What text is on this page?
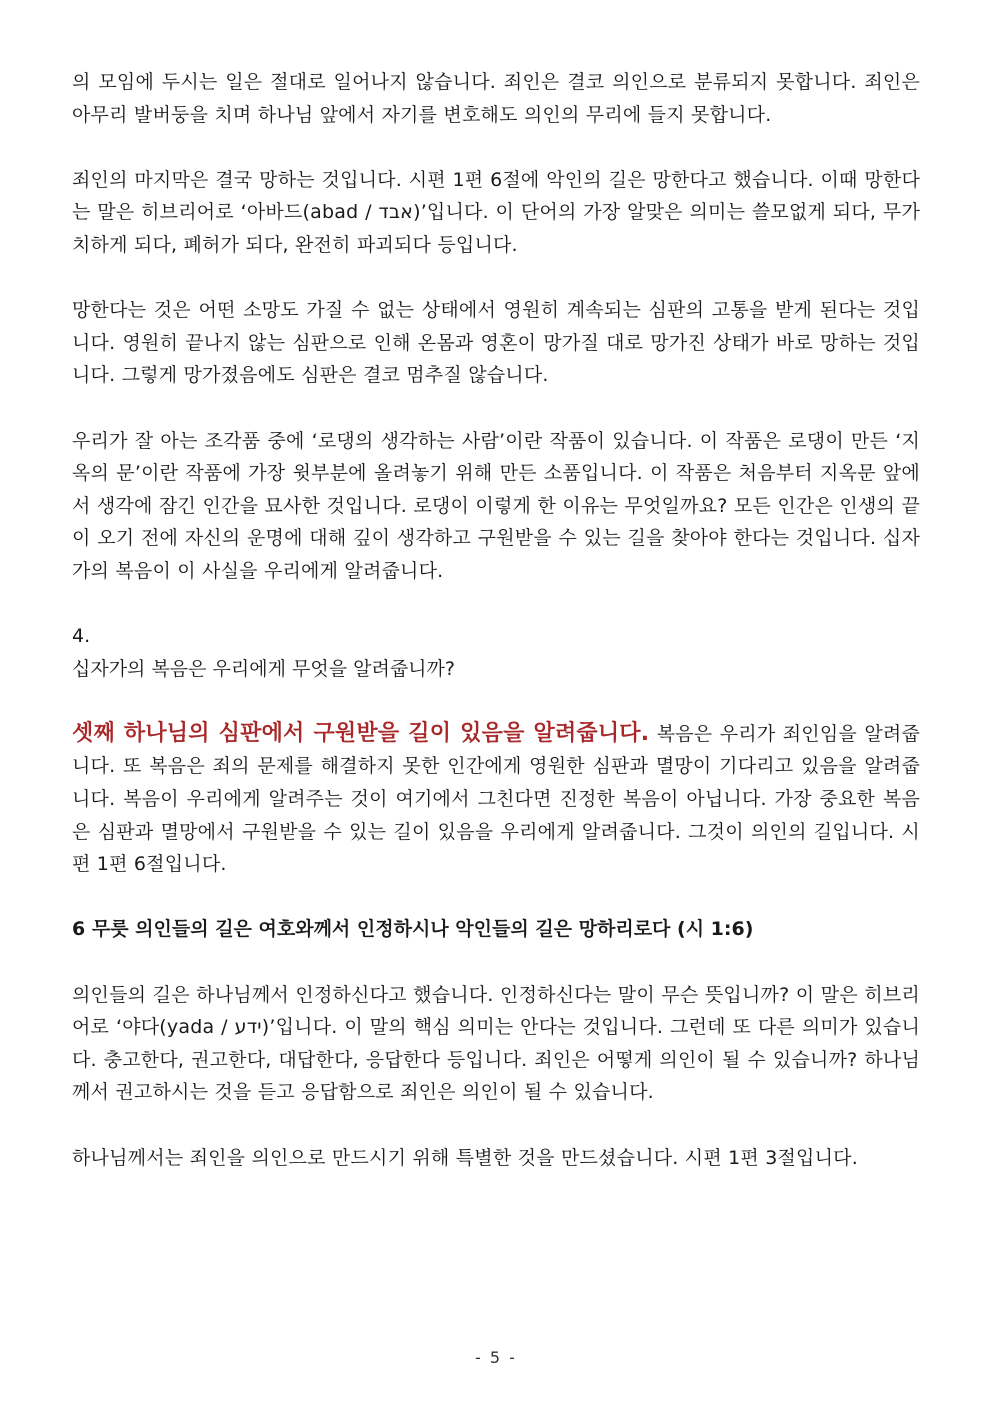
의 모임에 두시는 일은 절대로 일어나지 않습니다. 죄인은 결코 의인으로 분류되지 못합니다. 죄인은 아무리 발버둥을 치며 하나님 앞에서 자기를 변호해도 의인의 무리에 들지 못합니다.

죄인의 마지막은 결국 망하는 것입니다. 시편 1편 6절에 악인의 길은 망한다고 했습니다. 이때 망한다는 말은 히브리어로 ‘아바드(abad / אבד)’입니다. 이 단어의 가장 알맞은 의미는 쓸모없게 되다, 무가치하게 되다, 폐허가 되다, 완전히 파괴되다 등입니다.

망한다는 것은 어떤 소망도 가질 수 없는 상태에서 영원히 계속되는 심판의 고통을 받게 된다는 것입니다. 영원히 끝나지 않는 심판으로 인해 온몸과 영혼이 망가질 대로 망가진 상태가 바로 망하는 것입니다. 그렇게 망가졌음에도 심판은 결코 멈추질 않습니다.

우리가 잘 아는 조각품 중에 ‘로댕의 생각하는 사람’이란 작품이 있습니다. 이 작품은 로댕이 만든 ‘지옥의 문’이란 작품에 가장 윗부분에 올려놓기 위해 만든 소품입니다. 이 작품은 처음부터 지옥문 앞에서 생각에 잠긴 인간을 묘사한 것입니다. 로댕이 이렇게 한 이유는 무엇일까요? 모든 인간은 인생의 끝이 오기 전에 자신의 운명에 대해 깊이 생각하고 구원받을 수 있는 길을 찾아야 한다는 것입니다. 십자가의 복음이 이 사실을 우리에게 알려줍니다.

4.

십자가의 복음은 우리에게 무엇을 알려줍니까?

셋째 하나님의 심판에서 구원받을 길이 있음을 알려줍니다. 복음은 우리가 죄인임을 알려줍니다. 또 복음은 죄의 문제를 해결하지 못한 인간에게 영원한 심판과 멸망이 기다리고 있음을 알려줍니다. 복음이 우리에게 알려주는 것이 여기에서 그친다면 진정한 복음이 아닙니다. 가장 중요한 복음은 심판과 멸망에서 구원받을 수 있는 길이 있음을 우리에게 알려줍니다. 그것이 의인의 길입니다. 시편 1편 6절입니다.

6 무릇 의인들의 길은 여호와께서 인정하시나 악인들의 길은 망하리로다 (시 1:6)

의인들의 길은 하나님께서 인정하신다고 했습니다. 인정하신다는 말이 무슨 뜻입니까? 이 말은 히브리어로 ‘야다(yada / ידע)’입니다. 이 말의 핵심 의미는 안다는 것입니다. 그런데 또 다른 의미가 있습니다. 충고한다, 권고한다, 대답한다, 응답한다 등입니다. 죄인은 어떻게 의인이 될 수 있습니까? 하나님께서 권고하시는 것을 듣고 응답함으로 죄인은 의인이 될 수 있습니다.

하나님께서는 죄인을 의인으로 만드시기 위해 특별한 것을 만드셨습니다. 시편 1편 3절입니다.

- 5 -
